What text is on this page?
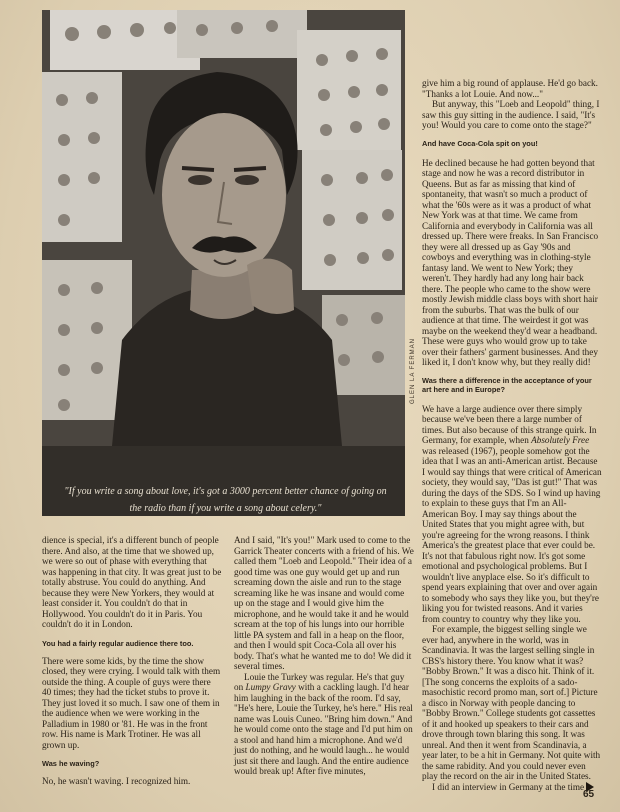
"If you write a song about love, it's got a 3000 percent better chance of going on the radio than if you write a song about celery."
GLEN LA FERMAN

dience is special, it's a different bunch of people there. And also, at the time that we showed up, we were so out of phase with everything that was happening in that city. It was great just to be totally abstruse. You could do anything. And because they were New Yorkers, they would at least consider it. You couldn't do that in Hollywood. You couldn't do it in Paris. You couldn't do it in London.

You had a fairly regular audience there too.

There were some kids, by the time the show closed, they were crying. I would talk with them outside the thing. A couple of guys were there 40 times; they had the ticket stubs to prove it. They just loved it so much. I saw one of them in the audience when we were working in the Palladium in 1980 or '81. He was in the front row. His name is Mark Trotiner. He was all grown up.

Was he waving?

No, he wasn't waving. I recognized him.

And I said, "It's you!" Mark used to come to the Garrick Theater concerts with a friend of his. We called them "Loeb and Leopold." Their idea of a good time was one guy would get up and run screaming down the aisle and run to the stage screaming like he was insane and would come up on the stage and I would give him the microphone, and he would take it and he would scream at the top of his lungs into our horrible little PA system and fall in a heap on the floor, and then I would spit Coca-Cola all over his body. That's what he wanted me to do! We did it several times.

Louie the Turkey was regular. He's that guy on Lumpy Gravy with a cackling laugh. I'd hear him laughing in the back of the room. I'd say, "He's here, Louie the Turkey, he's here." His real name was Louis Cuneo. "Bring him down." And he would come onto the stage and I'd put him on a stool and hand him a microphone. And we'd just do nothing, and he would laugh... he would just sit there and laugh. And the entire audience would break up! After five minutes,

give him a big round of applause. He'd go back. "Thanks a lot Louie. And now..."

But anyway, this "Loeb and Leopold" thing, I saw this guy sitting in the audience. I said, "It's you! Would you care to come onto the stage?"

And have Coca-Cola spit on you!

He declined because he had gotten beyond that stage and now he was a record distributor in Queens. But as far as missing that kind of spontaneity, that wasn't so much a product of what the '60s were as it was a product of what New York was at that time. We came from California and everybody in California was all dressed up. There were freaks. In San Francisco they were all dressed up as Gay '90s and cowboys and everything was in clothing-style fantasy land. We went to New York; they weren't. They hardly had any long hair back there. The people who came to the show were mostly Jewish middle class boys with short hair from the suburbs. That was the bulk of our audience at that time. The weirdest it got was maybe on the weekend they'd wear a headband. These were guys who would grow up to take over their fathers' garment businesses. And they liked it, I don't know why, but they really did!

Was there a difference in the acceptance of your art here and in Europe?

We have a large audience over there simply because we've been there a large number of times. But also because of this strange quirk. In Germany, for example, when Absolutely Free was released (1967), people somehow got the idea that I was an anti-American artist. Because I would say things that were critical of American society, they would say, "Das ist gut!" That was during the days of the SDS. So I wind up having to explain to these guys that I'm an All-American Boy. I may say things about the United States that you might agree with, but you're agreeing for the wrong reasons. I think America's the greatest place that ever could be. It's not that fabulous right now. It's got some emotional and psychological problems. But I wouldn't live anyplace else. So it's difficult to spend years explaining that over and over again to somebody who says they like you, but they're liking you for twisted reasons. And it varies from country to country why they like you.

For example, the biggest selling single we ever had, anywhere in the world, was in Scandinavia. It was the largest selling single in CBS's history there. You know what it was? "Bobby Brown." It was a disco hit. Think of it. [The song concerns the exploits of a sado-masochistic record promo man, sort of.] Picture a disco in Norway with people dancing to "Bobby Brown." College students got cassettes of it and hooked up speakers to their cars and drove through town blaring this song. It was unreal. And then it went from Scandinavia, a year later, to be a hit in Germany. Not quite with the same rabidity. And you could never even play the record on the air in the United States.

I did an interview in Germany at the time

65
